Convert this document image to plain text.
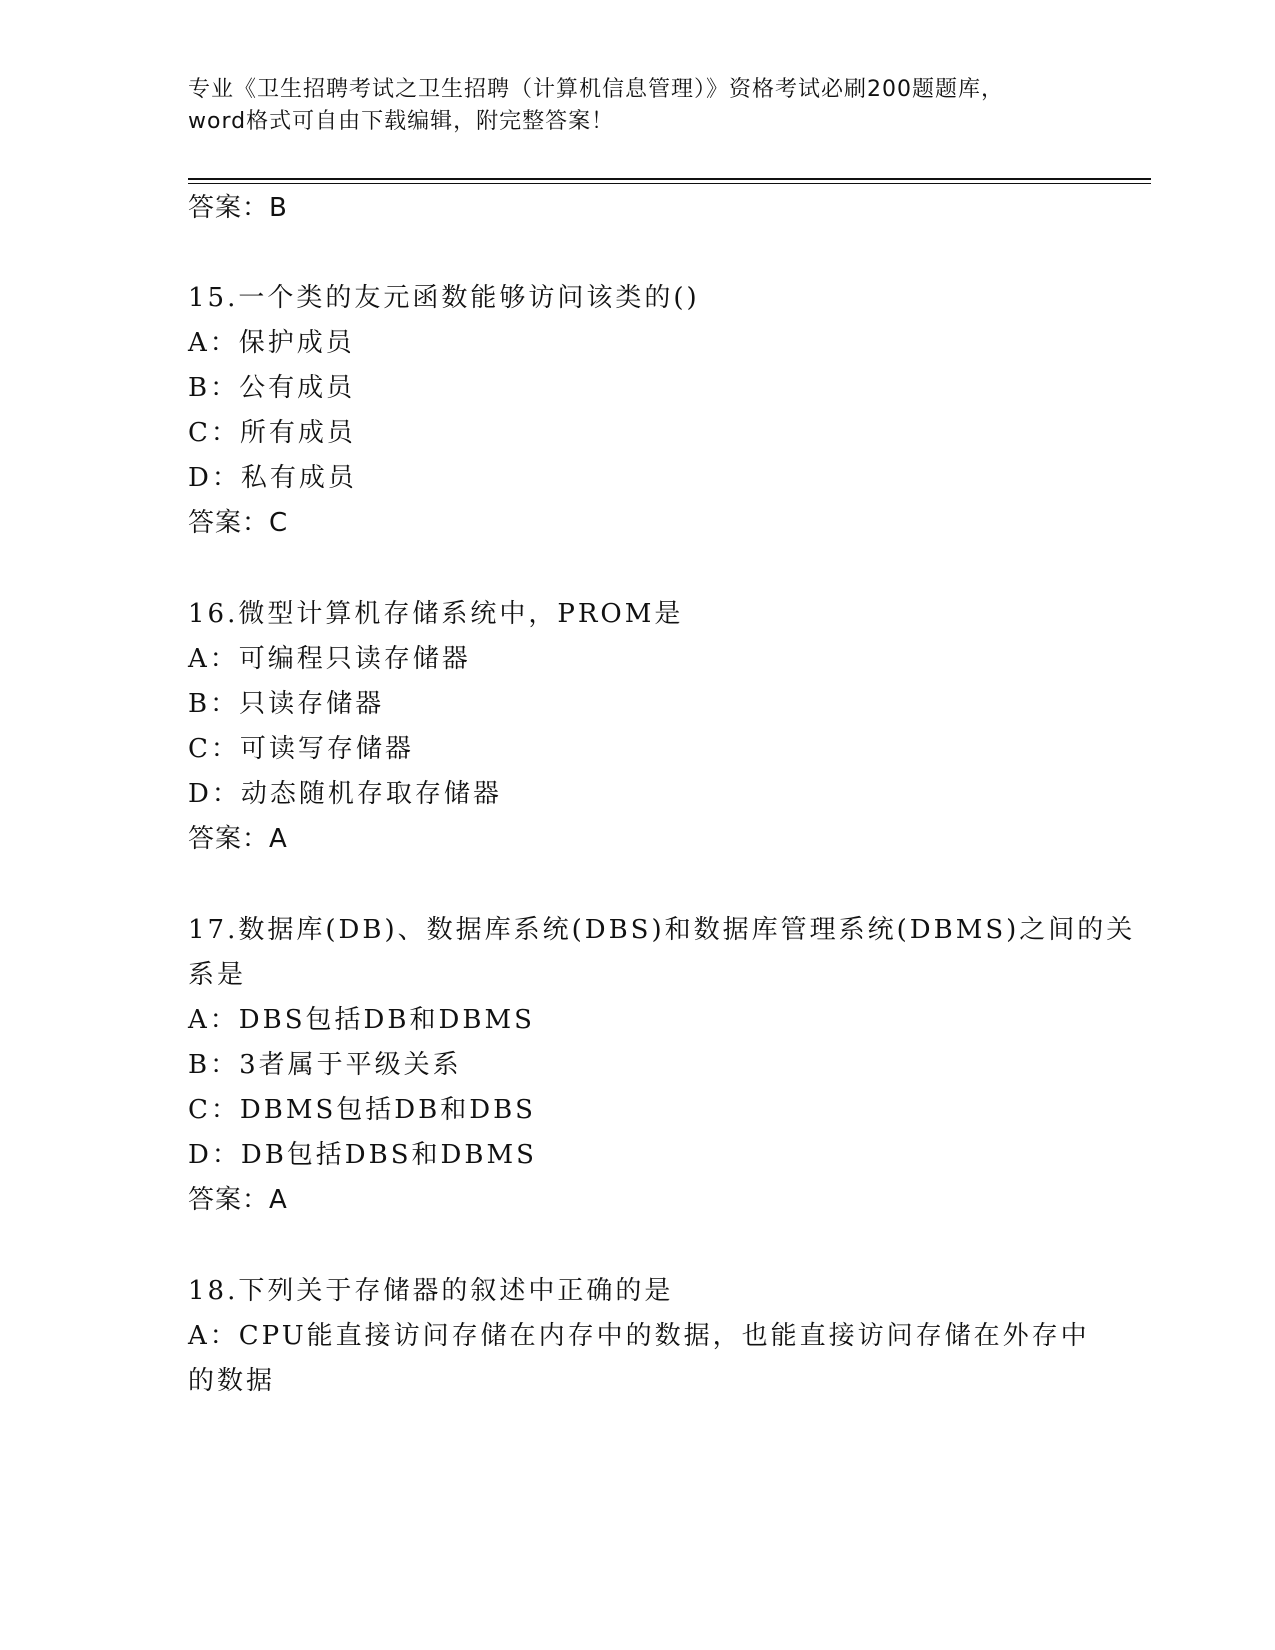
专业《卫生招聘考试之卫生招聘（计算机信息管理）》资格考试必刷200题题库，
word格式可自由下载编辑，附完整答案！
答案：B
15.一个类的友元函数能够访问该类的()
A：保护成员
B：公有成员
C：所有成员
D：私有成员
答案：C
16.微型计算机存储系统中，PROM是
A：可编程只读存储器
B：只读存储器
C：可读写存储器
D：动态随机存取存储器
答案：A
17.数据库(DB)、数据库系统(DBS)和数据库管理系统(DBMS)之间的关
系是
A：DBS包括DB和DBMS
B：3者属于平级关系
C：DBMS包括DB和DBS
D：DB包括DBS和DBMS
答案：A
18.下列关于存储器的叙述中正确的是
A：CPU能直接访问存储在内存中的数据，也能直接访问存储在外存中
的数据
